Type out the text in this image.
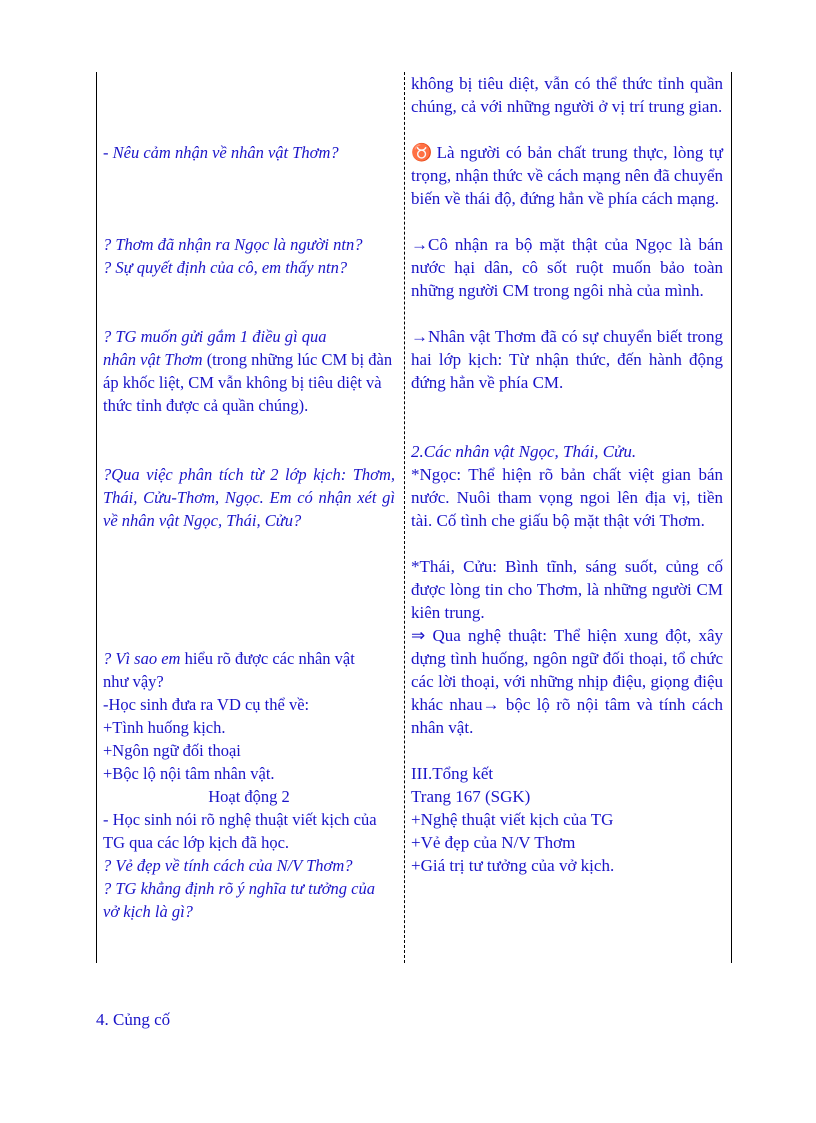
- Nêu cảm nhận về nhân vật Thơm?

? Thơm đã nhận ra Ngọc là người ntn?
? Sự quyết định của cô, em thấy ntn?

? TG muốn gửi gắm 1 điều gì qua
nhân vật Thơm (trong những lúc CM bị đàn áp khốc liệt, CM vẫn không bị tiêu diệt và thức tỉnh được cả quần chúng).

?Qua việc phân tích từ 2 lớp kịch: Thơm, Thái, Cửu-Thơm, Ngọc. Em có nhận xét gì về nhân vật Ngọc, Thái, Cửu?

? Vì sao em hiểu rõ được các nhân vật
như vậy?
-Học sinh đưa ra VD cụ thể về:
+Tình huống kịch.
+Ngôn ngữ đối thoại
+Bộc lộ nội tâm nhân vật.

Hoạt động 2

- Học sinh nói rõ nghệ thuật viết kịch của TG qua các lớp kịch đã học.

? Vẻ đẹp về tính cách của N/V Thơm?
? TG khẳng định rõ ý nghĩa tư tưởng của vở kịch là gì?

không bị tiêu diệt, vẫn có thể thức tỉnh quần chúng, cả với những người ở vị trí trung gian.

♉ Là người có bản chất trung thực, lòng tự trọng, nhận thức về cách mạng nên đã chuyển biến về thái độ, đứng hẳn về phía cách mạng.

→Cô nhận ra bộ mặt thật của Ngọc là bán nước hại dân, cô sốt ruột muốn bảo toàn những người CM trong ngôi nhà của mình.

→Nhân vật Thơm đã có sự chuyển biết trong hai lớp kịch: Từ nhận thức, đến hành động đứng hẳn về phía CM.

2.Các nhân vật Ngọc, Thái, Cửu.
*Ngọc: Thể hiện rõ bản chất việt gian bán nước. Nuôi tham vọng ngoi lên địa vị, tiền tài. Cố tình che giấu bộ mặt thật với Thơm.

*Thái, Cửu: Bình tĩnh, sáng suốt, củng cố được lòng tin cho Thơm, là những người CM kiên trung.

⇒ Qua nghệ thuật: Thể hiện xung đột, xây dựng tình huống, ngôn ngữ đối thoại, tổ chức các lời thoại, với những nhịp điệu, giọng điệu khác nhau→ bộc lộ rõ nội tâm và tính cách nhân vật.

III.Tổng kết
Trang 167 (SGK)
+Nghệ thuật viết kịch của TG
+Vẻ đẹp của N/V Thơm
+Giá trị tư tưởng của vở kịch.

4. Củng cố
